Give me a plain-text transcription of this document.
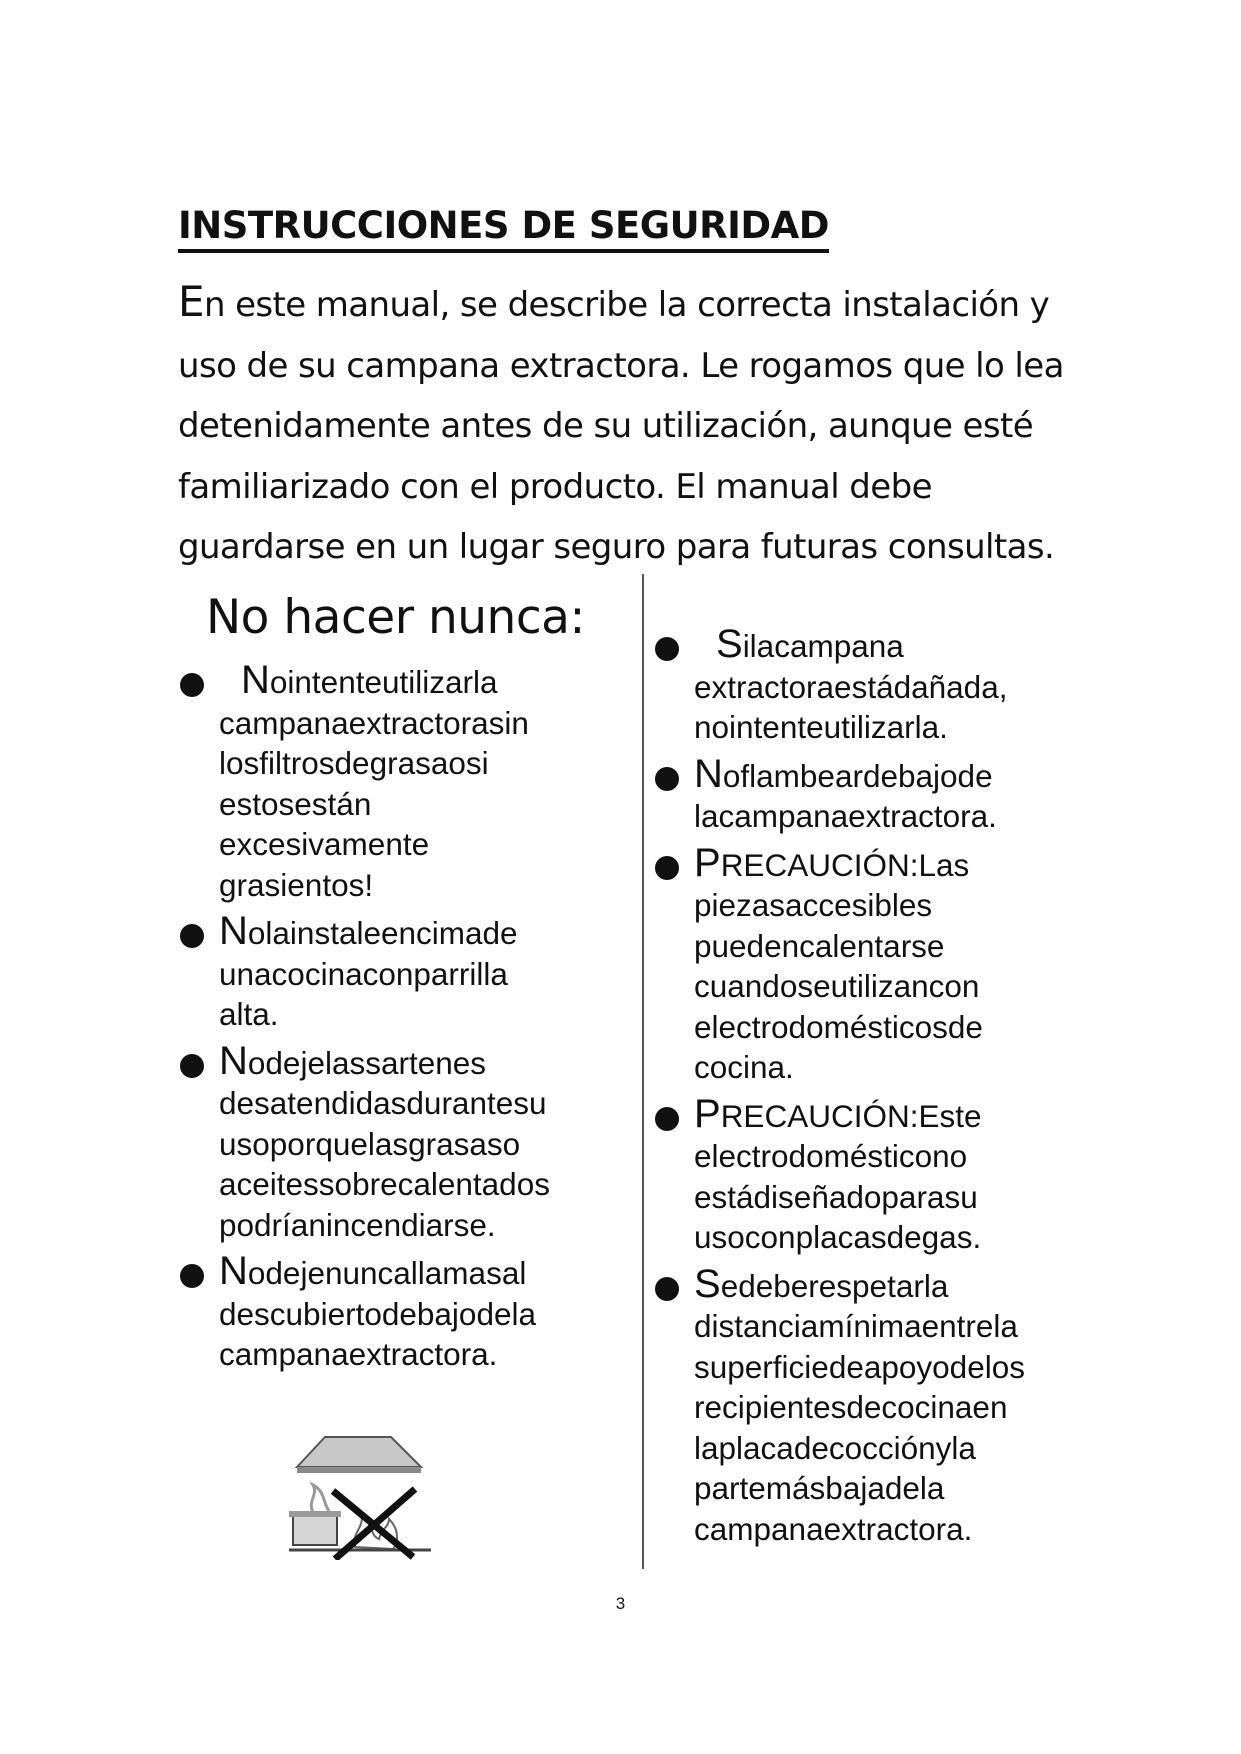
INSTRUCCIONES DE SEGURIDAD
En este manual, se describe la correcta instalación y
uso de su campana extractora. Le rogamos que lo lea
detenidamente antes de su utilización, aunque esté
familiarizado con el producto. El manual debe
guardarse en un lugar seguro para futuras consultas.
No hacer nunca:
Nointenteutilizarla
campanaextractorasin
losfiltrosdegrasaosi
estosestán
excesivamente
grasientos!
Nolainstaleencimade
unacocinaconparrilla
alta.
Nodejelassartenes
desatendidasdurantesu
usoporquelasgrasaso
aceitessobrecalentados
podríanincendiarse.
Nodejenuncallamasal
descubiertodebajodela
campanaextractora.
Silacampana
extractoraestádañada,
nointenteutilizarla.
Noflambeardebajode
lacampanaextractora.
PRECAUCIÓN:Las
piezasaccesibles
puedencalentarse
cuandoseutilizancon
electrodomésticosde
cocina.
PRECAUCIÓN:Este
electrodomésticono
estádiseñadoparasu
usoconplacasdegas.
Sedeberespetarla
distanciamínimaentrela
superficiedeapoyodelos
recipientesdecocinaen
laplacadecocciónyla
partemásbajadela
campanaextractora.
3
